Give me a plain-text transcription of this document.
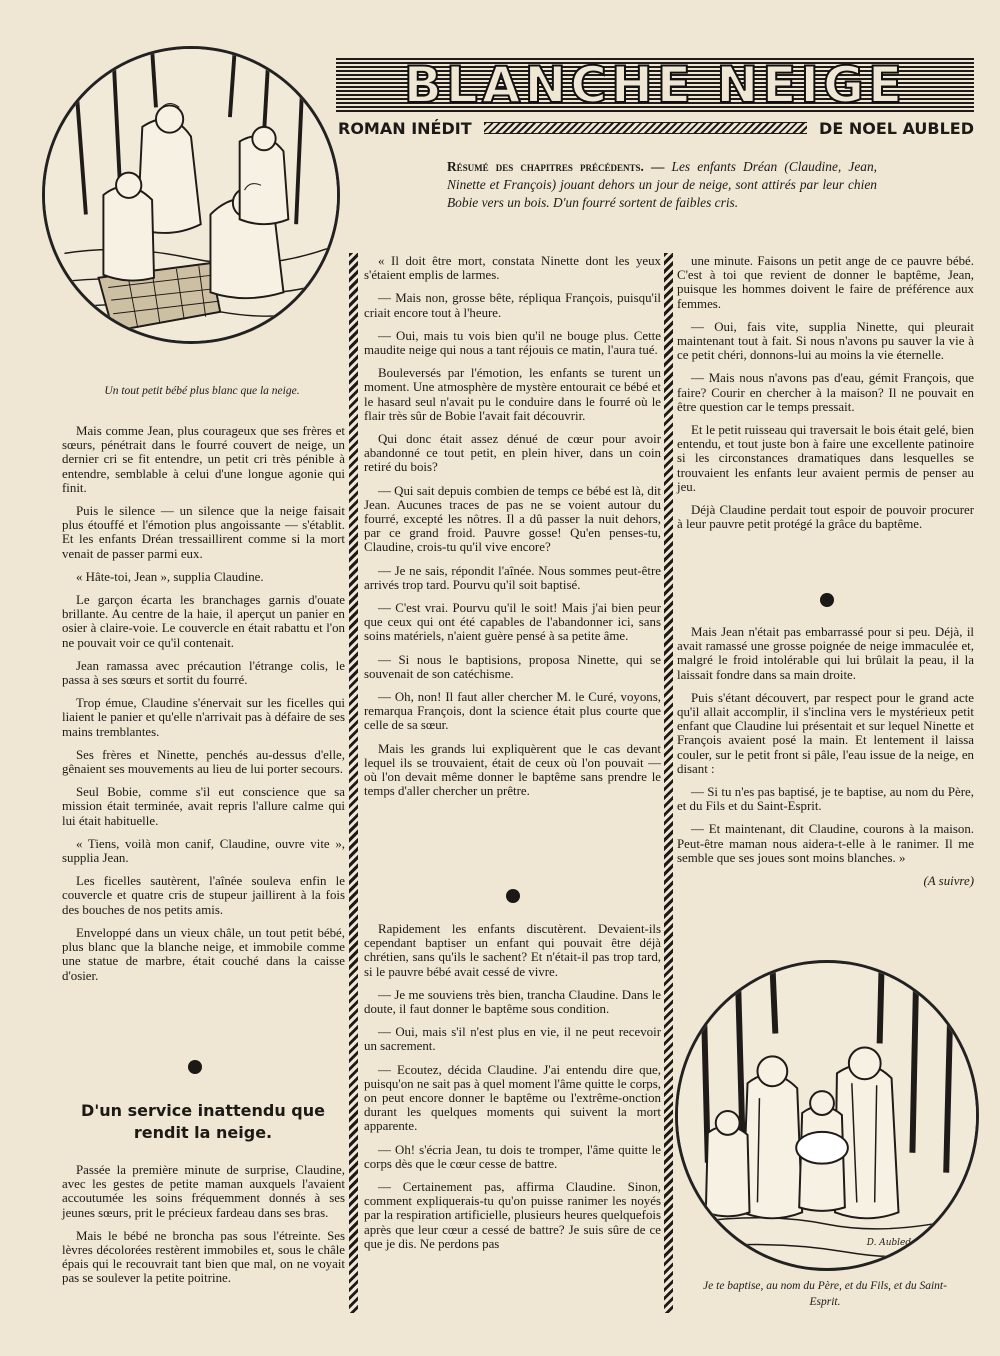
D. Aubled
BLANCHE NEIGE
ROMAN INÉDIT	DE NOEL AUBLED
Résumé des chapitres précédents. — Les enfants Dréan (Claudine, Jean, Ninette et François) jouant dehors un jour de neige, sont attirés par leur chien Bobie vers un bois. D'un fourré sortent de faibles cris.
Un tout petit bébé plus blanc que la neige.

Mais comme Jean, plus courageux que ses frères et sœurs, pénétrait dans le fourré couvert de neige, un dernier cri se fit entendre, un petit cri très pénible à entendre, semblable à celui d'une longue agonie qui finit.

Puis le silence — un silence que la neige faisait plus étouffé et l'émotion plus angoissante — s'établit. Et les enfants Dréan tressaillirent comme si la mort venait de passer parmi eux.

« Hâte-toi, Jean », supplia Claudine.

Le garçon écarta les branchages garnis d'ouate brillante. Au centre de la haie, il aperçut un panier en osier à claire-voie. Le couvercle en était rabattu et l'on ne pouvait voir ce qu'il contenait.

Jean ramassa avec précaution l'étrange colis, le passa à ses sœurs et sortit du fourré.

Trop émue, Claudine s'énervait sur les ficelles qui liaient le panier et qu'elle n'arrivait pas à défaire de ses mains tremblantes.

Ses frères et Ninette, penchés au-dessus d'elle, gênaient ses mouvements au lieu de lui porter secours.

Seul Bobie, comme s'il eut conscience que sa mission était terminée, avait repris l'allure calme qui lui était habituelle.

« Tiens, voilà mon canif, Claudine, ouvre vite », supplia Jean.

Les ficelles sautèrent, l'aînée souleva enfin le couvercle et quatre cris de stupeur jaillirent à la fois des bouches de nos petits amis.

Enveloppé dans un vieux châle, un tout petit bébé, plus blanc que la blanche neige, et immobile comme une statue de marbre, était couché dans la caisse d'osier.

D'un service inattendu que rendit la neige.

Passée la première minute de surprise, Claudine, avec les gestes de petite maman auxquels l'avaient accoutumée les soins fréquemment donnés à ses jeunes sœurs, prit le précieux fardeau dans ses bras.

Mais le bébé ne broncha pas sous l'étreinte. Ses lèvres décolorées restèrent immobiles et, sous le châle épais qui le recouvrait tant bien que mal, on ne voyait pas se soulever la petite poitrine.

« Il doit être mort, constata Ninette dont les yeux s'étaient emplis de larmes.

— Mais non, grosse bête, répliqua François, puisqu'il criait encore tout à l'heure.

— Oui, mais tu vois bien qu'il ne bouge plus. Cette maudite neige qui nous a tant réjouis ce matin, l'aura tué.

Bouleversés par l'émotion, les enfants se turent un moment. Une atmosphère de mystère entourait ce bébé et le hasard seul n'avait pu le conduire dans le fourré où le flair très sûr de Bobie l'avait fait découvrir.

Qui donc était assez dénué de cœur pour avoir abandonné ce tout petit, en plein hiver, dans un coin retiré du bois?

— Qui sait depuis combien de temps ce bébé est là, dit Jean. Aucunes traces de pas ne se voient autour du fourré, excepté les nôtres. Il a dû passer la nuit dehors, par ce grand froid. Pauvre gosse! Qu'en penses-tu, Claudine, crois-tu qu'il vive encore?

— Je ne sais, répondit l'aînée. Nous sommes peut-être arrivés trop tard. Pourvu qu'il soit baptisé.

— C'est vrai. Pourvu qu'il le soit! Mais j'ai bien peur que ceux qui ont été capables de l'abandonner ici, sans soins matériels, n'aient guère pensé à sa petite âme.

— Si nous le baptisions, proposa Ninette, qui se souvenait de son catéchisme.

— Oh, non! Il faut aller chercher M. le Curé, voyons, remarqua François, dont la science était plus courte que celle de sa sœur.

Mais les grands lui expliquèrent que le cas devant lequel ils se trouvaient, était de ceux où l'on pouvait — où l'on devait même donner le baptême sans prendre le temps d'aller chercher un prêtre.

Rapidement les enfants discutèrent. Devaient-ils cependant baptiser un enfant qui pouvait être déjà chrétien, sans qu'ils le sachent? Et n'était-il pas trop tard, si le pauvre bébé avait cessé de vivre.

— Je me souviens très bien, trancha Claudine. Dans le doute, il faut donner le baptême sous condition.

— Oui, mais s'il n'est plus en vie, il ne peut recevoir un sacrement.

— Ecoutez, décida Claudine. J'ai entendu dire que, puisqu'on ne sait pas à quel moment l'âme quitte le corps, on peut encore donner le baptême ou l'extrême-onction durant les quelques moments qui suivent la mort apparente.

— Oh! s'écria Jean, tu dois te tromper, l'âme quitte le corps dès que le cœur cesse de battre.

— Certainement pas, affirma Claudine. Sinon, comment expliquerais-tu qu'on puisse ranimer les noyés par la respiration artificielle, plusieurs heures quelquefois après que leur cœur a cessé de battre? Je suis sûre de ce que je dis. Ne perdons pas

une minute. Faisons un petit ange de ce pauvre bébé. C'est à toi que revient de donner le baptême, Jean, puisque les hommes doivent le faire de préférence aux femmes.

— Oui, fais vite, supplia Ninette, qui pleurait maintenant tout à fait. Si nous n'avons pu sauver la vie à ce petit chéri, donnons-lui au moins la vie éternelle.

— Mais nous n'avons pas d'eau, gémit François, que faire? Courir en chercher à la maison? Il ne pouvait en être question car le temps pressait.

Et le petit ruisseau qui traversait le bois était gelé, bien entendu, et tout juste bon à faire une excellente patinoire si les circonstances dramatiques dans lesquelles se trouvaient les enfants leur avaient permis de penser au jeu.

Déjà Claudine perdait tout espoir de pouvoir procurer à leur pauvre petit protégé la grâce du baptême.

Mais Jean n'était pas embarrassé pour si peu. Déjà, il avait ramassé une grosse poignée de neige immaculée et, malgré le froid intolérable qui lui brûlait la peau, il la laissait fondre dans sa main droite.

Puis s'étant découvert, par respect pour le grand acte qu'il allait accomplir, il s'inclina vers le mystérieux petit enfant que Claudine lui présentait et sur lequel Ninette et François avaient posé la main. Et lentement il laissa couler, sur le petit front si pâle, l'eau issue de la neige, en disant :

— Si tu n'es pas baptisé, je te baptise, au nom du Père, et du Fils et du Saint-Esprit.

— Et maintenant, dit Claudine, courons à la maison. Peut-être maman nous aidera-t-elle à le ranimer. Il me semble que ses joues sont moins blanches. »

(A suivre)

D. Aubled
Je te baptise, au nom du Père, et du Fils, et du Saint-Esprit.
